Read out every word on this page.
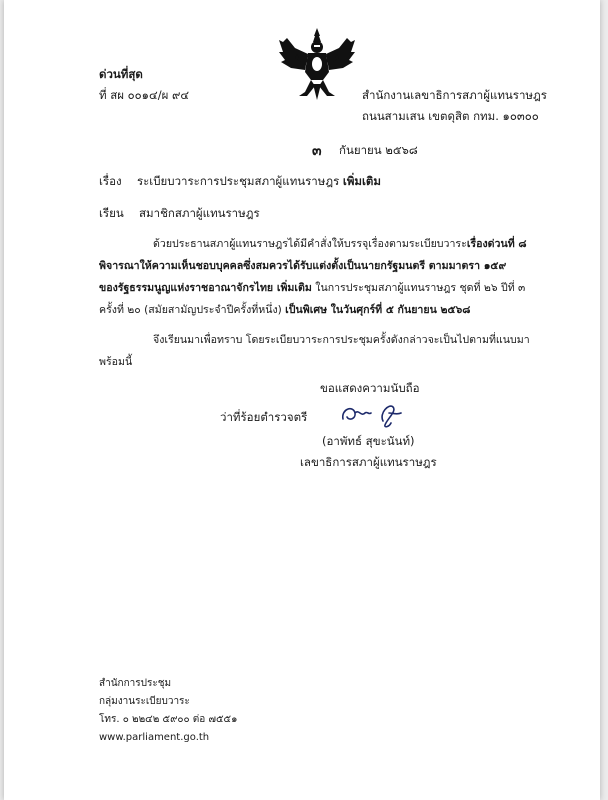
ด่วนที่สุด
ที่ สผ ๐๐๑๔/ผ ๙๔	สำนักงานเลขาธิการสภาผู้แทนราษฎร
ถนนสามเสน เขตดุสิต กทม. ๑๐๓๐๐
๓ กันยายน ๒๕๖๘
เรื่อง ระเบียบวาระการประชุมสภาผู้แทนราษฎร เพิ่มเติม
เรียน สมาชิกสภาผู้แทนราษฎร
ด้วยประธานสภาผู้แทนราษฎรได้มีคำสั่งให้บรรจุเรื่องตามระเบียบวาระเรื่องด่วนที่ ๘
พิจารณาให้ความเห็นชอบบุคคลซึ่งสมควรได้รับแต่งตั้งเป็นนายกรัฐมนตรี ตามมาตรา ๑๕๙
ของรัฐธรรมนูญแห่งราชอาณาจักรไทย เพิ่มเติม ในการประชุมสภาผู้แทนราษฎร ชุดที่ ๒๖ ปีที่ ๓
ครั้งที่ ๒๐ (สมัยสามัญประจำปีครั้งที่หนึ่ง) เป็นพิเศษ ในวันศุกร์ที่ ๕ กันยายน ๒๕๖๘
จึงเรียนมาเพื่อทราบ โดยระเบียบวาระการประชุมครั้งดังกล่าวจะเป็นไปตามที่แนบมา
พร้อมนี้
ขอแสดงความนับถือ
ว่าที่ร้อยตำรวจตรี
(อาพัทธ์ สุขะนันท์)
เลขาธิการสภาผู้แทนราษฎร
สำนักการประชุม
กลุ่มงานระเบียบวาระ
โทร. ๐ ๒๒๔๒ ๕๙๐๐ ต่อ ๗๕๕๑
www.parliament.go.th
